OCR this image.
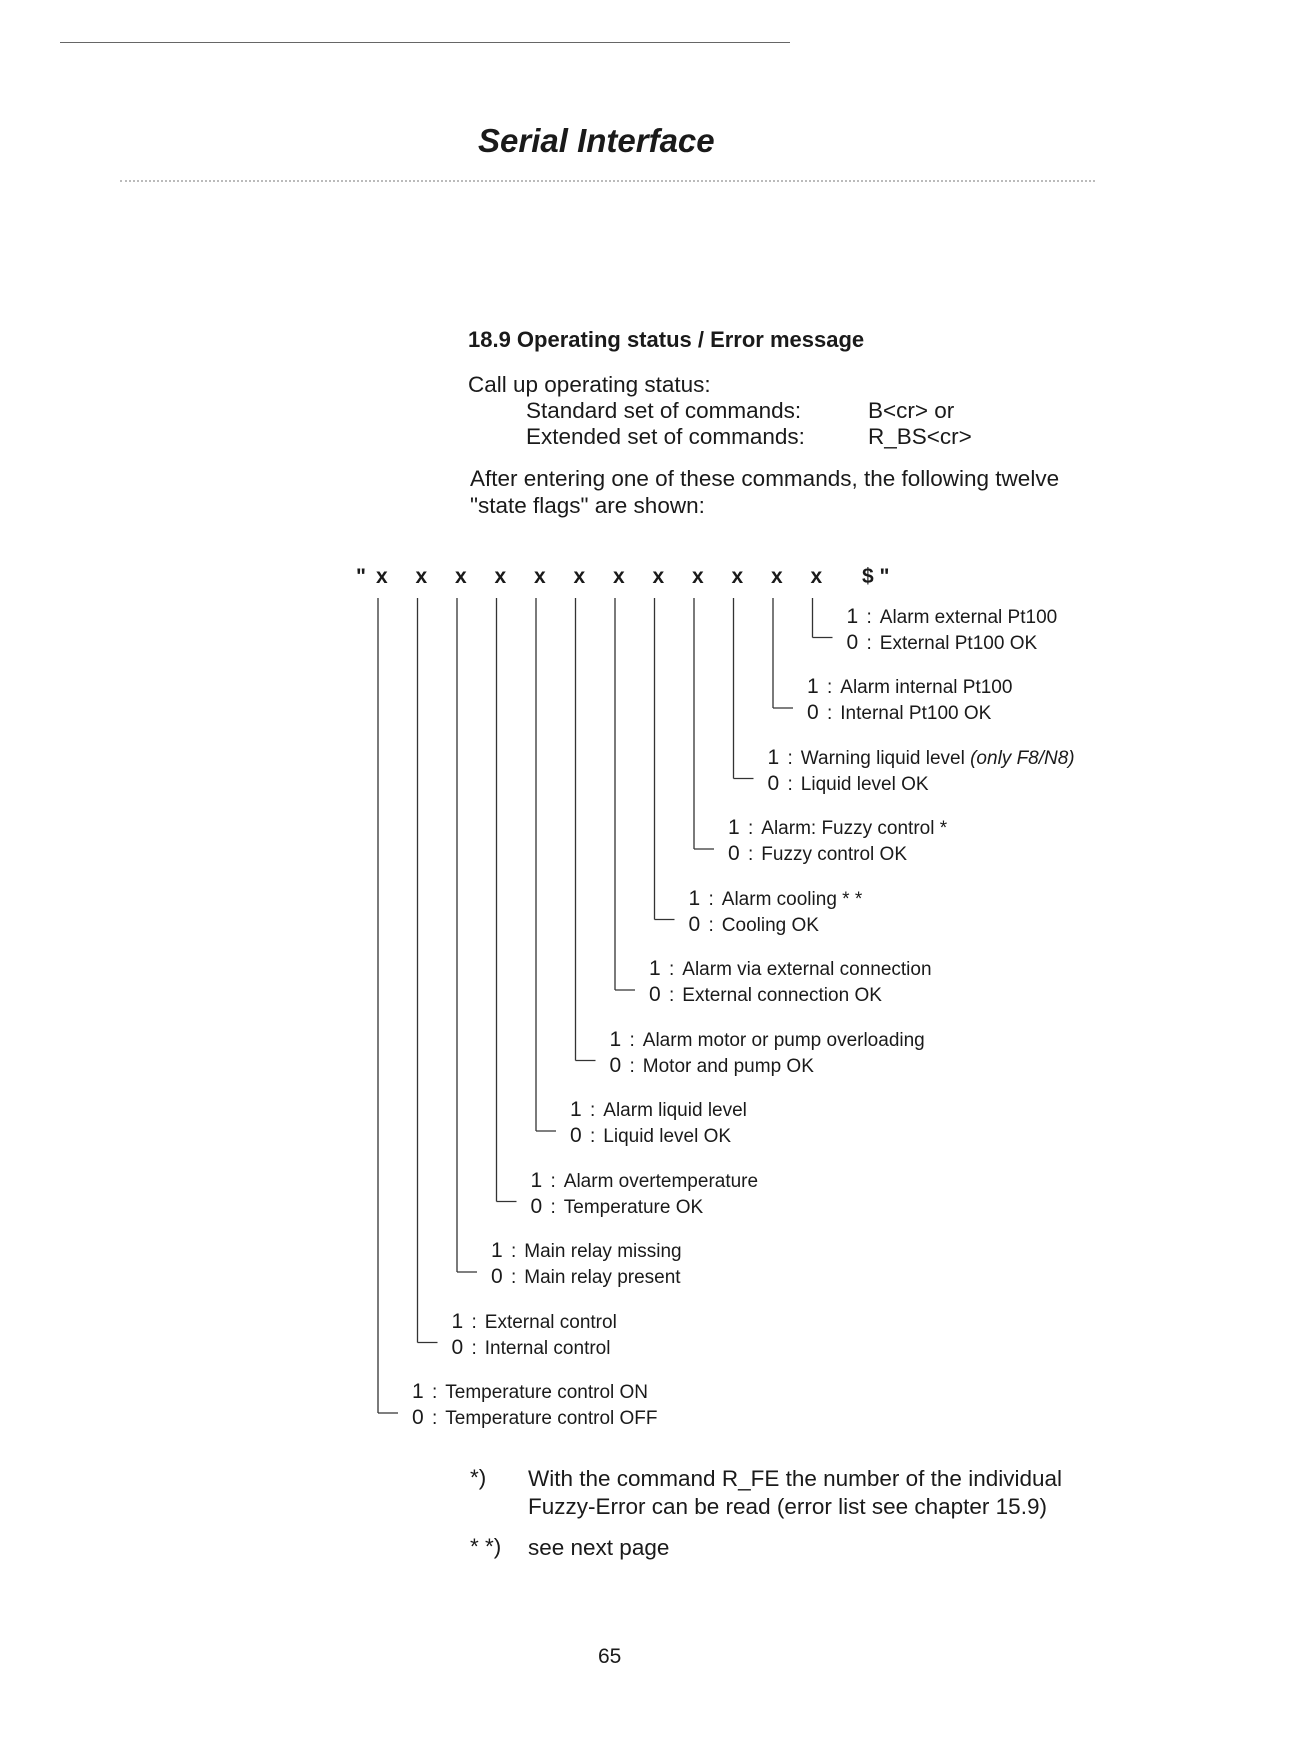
Serial Interface
18.9 Operating status / Error message
Call up operating status:
Standard set of commands:	B<cr> or
Extended set of commands:	R_BS<cr>
After entering one of these commands, the following twelve
"state flags" are shown:
"	$ "
x x x x x x x x x x x x
1 : Temperature control ON
0 : Temperature control OFF
1 : External control
0 : Internal control
1 : Main relay missing
0 : Main relay present
1 : Alarm overtemperature
0 : Temperature OK
1 : Alarm liquid level
0 : Liquid level OK
1 : Alarm motor or pump overloading
0 : Motor and pump OK
1 : Alarm via external connection
0 : External connection OK
1 : Alarm cooling * *
0 : Cooling OK
1 : Alarm: Fuzzy control *
0 : Fuzzy control OK
1 : Warning liquid level (only F8/N8)
0 : Liquid level OK
1 : Alarm internal Pt100
0 : Internal Pt100 OK
1 : Alarm external Pt100
0 : External Pt100 OK
*) With the command R_FE the number of the individual
Fuzzy-Error can be read (error list see chapter 15.9)
* *) see next page
65
